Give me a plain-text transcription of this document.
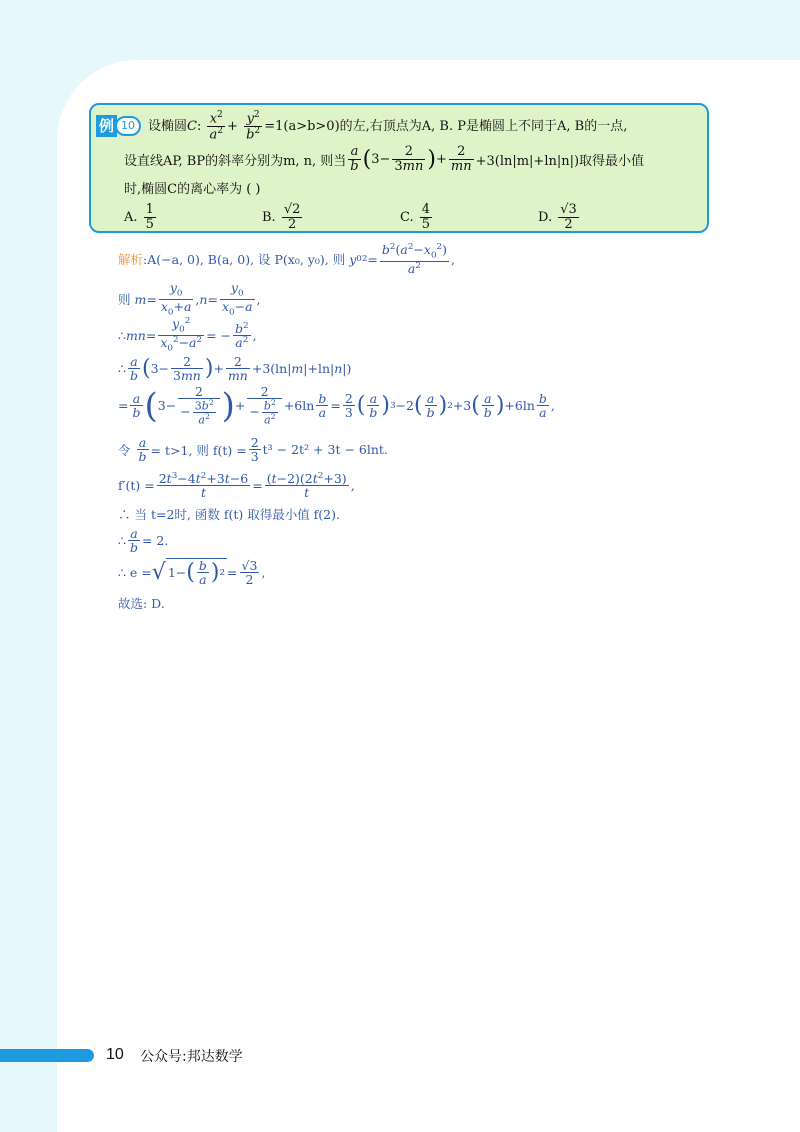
例 10 设椭圆C: $\frac{x^2}{a^2} + \frac{y^2}{b^2} =1(a>b>0)$的左,右顶点为A, B. P是椭圆上不同于A, B的一点,
设直线AP, BP的斜率分别为m, n, 则当 $\frac{a}{b}$ ( $3- \frac{2}{3mn}$ ) + $\frac{2}{mn} +3(\ln|m|+\ln|n|)$取得最小值
时,椭圆C的离心率为 ( )
A.
$\frac{1}{5}$	B.
$\frac{√2}{2}$	C.
$\frac{4}{5}$	D.
$\frac{√3}{2}$
解析 : A(−a, 0), B(a, 0), 设 P(x₀, y₀), 则
y 0 $2 = \frac{b^2(a^2-x_0^2)}{a^2}$ ,
则
$m = \frac{y_0}{x_0+a}$ , $n = \frac{y_0}{x_0-a}$ ,
∴ mn = $\frac{y_0^2}{x_0^2-a^2}$ = − $\frac{b^2}{a^2}$ ,
∴ $\frac{a}{b}$ ( $3- \frac{2}{3mn}$ ) + $\frac{2}{mn} +3(\ln|$ m |+ln| n |)
= $\frac{a}{b}$ ( $3- \frac{2}{- \frac{3b^2}{a^2}}$ ) + $\frac{2}{- \frac{b^2}{a^2}} +6\ln \frac{b}{a} = \frac{2}{3}$ ( $\frac{a}{b}$ ) 3 −2 ( $\frac{a}{b}$ ) 2 +3 ( $\frac{a}{b}$ ) $+6\ln \frac{b}{a}$ ,
令
$\frac{a}{b} = t>1$, 则 $f(t) = \frac{2}{3} t^3 - 2t^2 + 3t - 6\ln t$.
$f'(t) = \frac{2t^3-4t^2+3t-6}{t} = \frac{(t-2)(2t^2+3)}{t}$ ,
∴ 当 t=2时, 函数 f(t) 取得最小值 f(2).
∴ $\frac{a}{b} = 2$.
∴ e = √ 1− ( $\frac{b}{a}$ ) $2 = \frac{√3}{2}$ ,
故选: D.
10 公众号:邦达数学
